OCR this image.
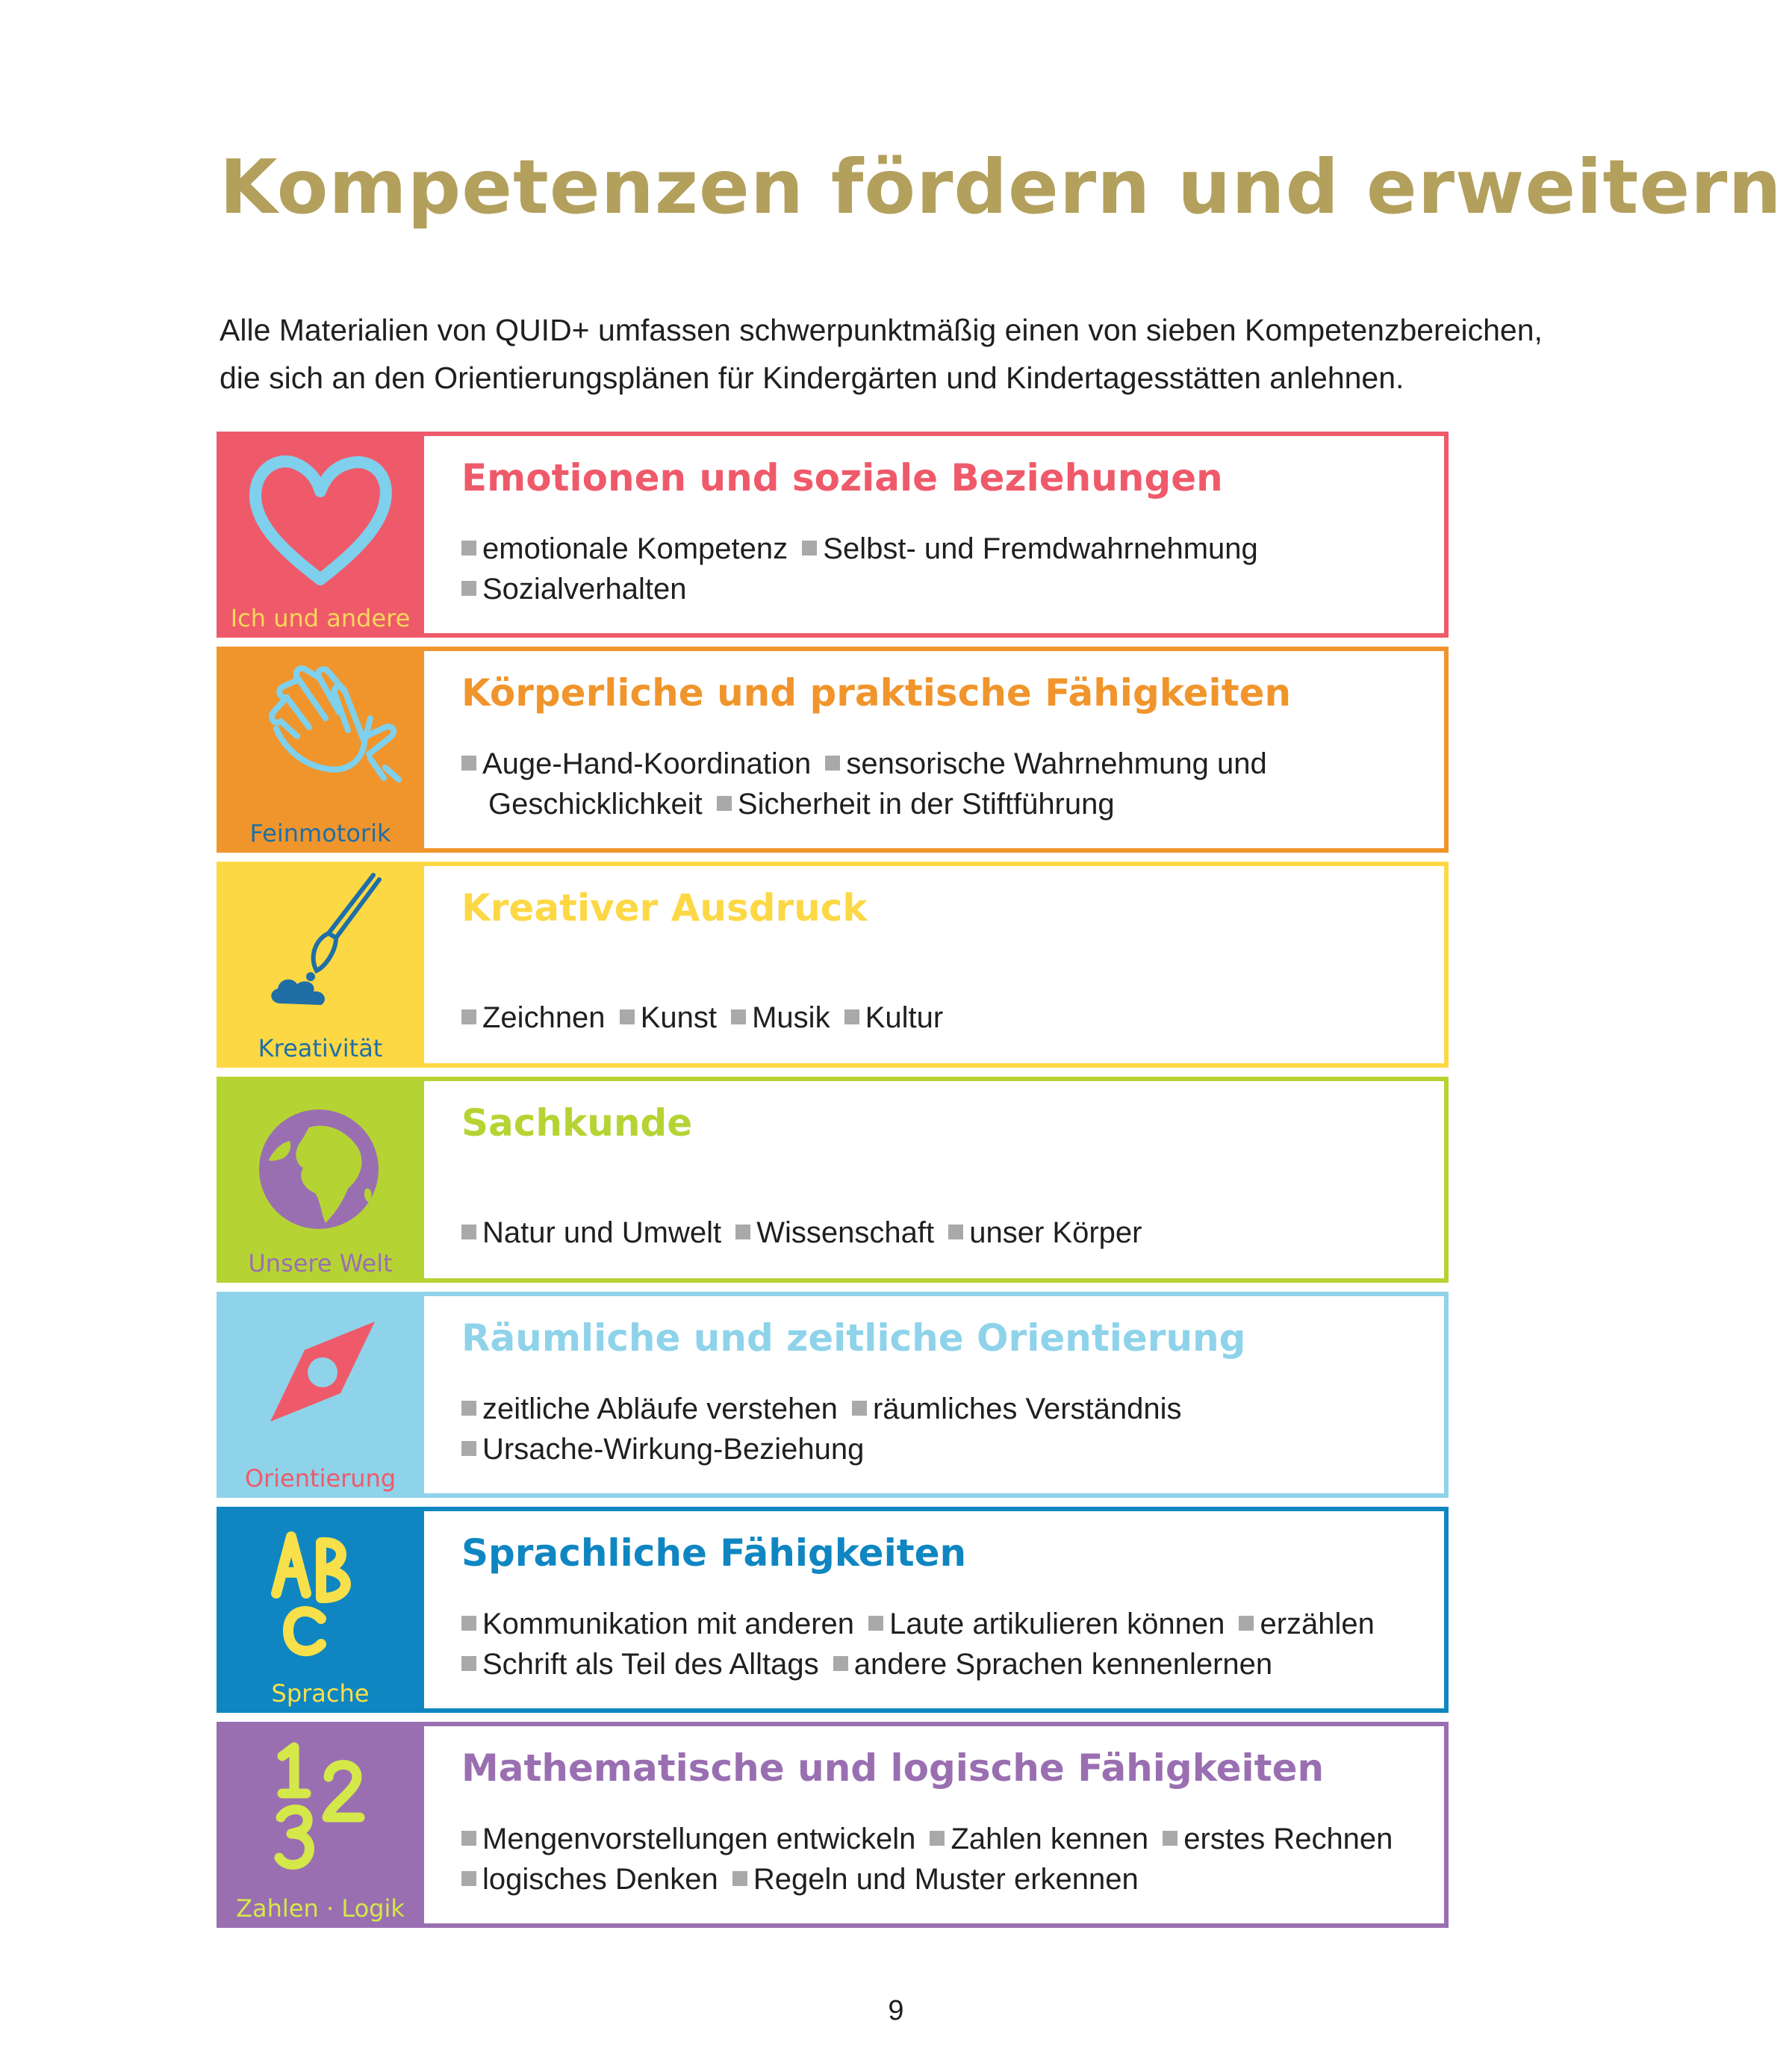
Kompetenzen fördern und erweitern

Alle Materialien von QUID+ umfassen schwerpunktmäßig einen von sieben Kompetenzbereichen,
die sich an den Orientierungsplänen für Kindergärten und Kindertagesstätten anlehnen.

Ich und andere
Emotionen und soziale Beziehungen
emotionale Kompetenz Selbst- und Fremdwahrnehmung
Sozialverhalten
Feinmotorik
Körperliche und praktische Fähigkeiten
Auge-Hand-Koordination sensorische Wahrnehmung und
Geschicklichkeit Sicherheit in der Stiftführung
Kreativität
Kreativer Ausdruck
Zeichnen Kunst Musik Kultur
Unsere Welt
Sachkunde
Natur und Umwelt Wissenschaft unser Körper
Orientierung
Räumliche und zeitliche Orientierung
zeitliche Abläufe verstehen räumliches Verständnis
Ursache-Wirkung-Beziehung
Sprache
Sprachliche Fähigkeiten
Kommunikation mit anderen Laute artikulieren können erzählen
Schrift als Teil des Alltags andere Sprachen kennenlernen
Zahlen · Logik
Mathematische und logische Fähigkeiten
Mengenvorstellungen entwickeln Zahlen kennen erstes Rechnen
logisches Denken Regeln und Muster erkennen
9
